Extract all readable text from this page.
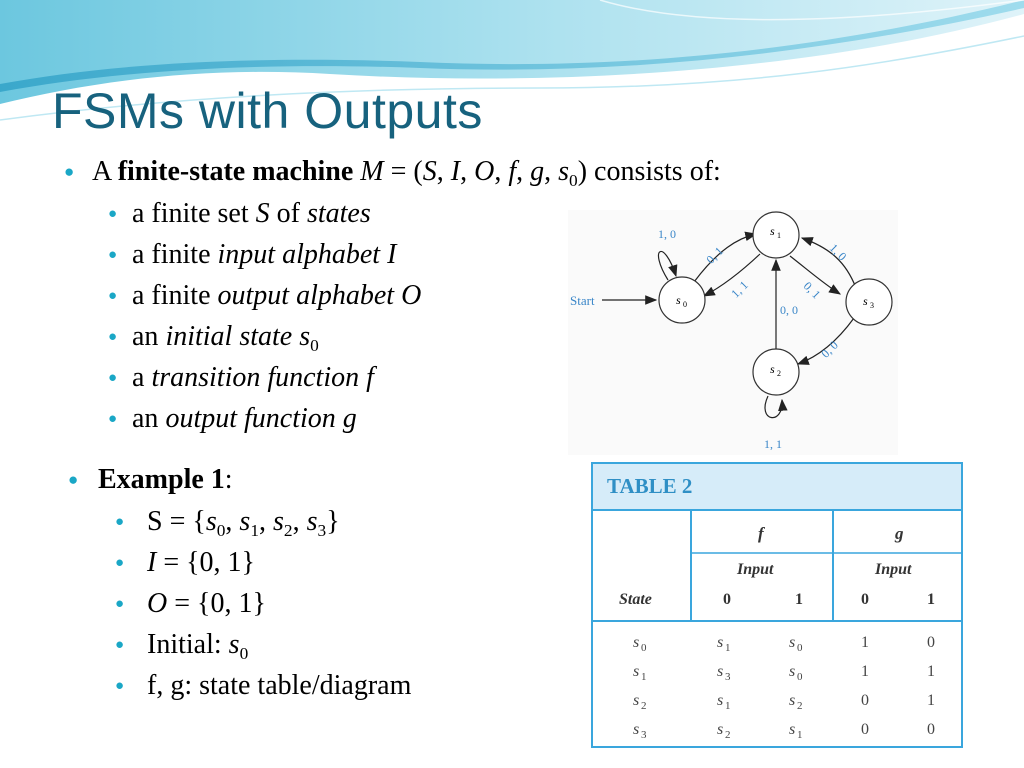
FSMs with Outputs
● A finite-state machine M = (S, I, O, f, g, $s_0$) consists of:
● a finite set S of states
● a finite input alphabet I
● a finite output alphabet O
● an initial state $s_0$
● a transition function f
● an output function g
● Example 1:
● $S = \{s_0$, $s_1$, $s_2$, $s_3$}
● I = {0, 1}
● O = {0, 1}
● Initial: $s_0$
● f, g: state table/diagram
Start
1, 0
0, 1
1, 1
1, 0
0, 1
0, 0
0, 0
1, 1
s 0
s 1
s 2
s 3
TABLE 2
f	g
Input	Input
State	0	1	0	1
s 0	s 1	s 0	1	0
s 1	s 3	s 0	1	1
s 2	s 1	s 2	0	1
s 3	s 2	s 1	0	0
